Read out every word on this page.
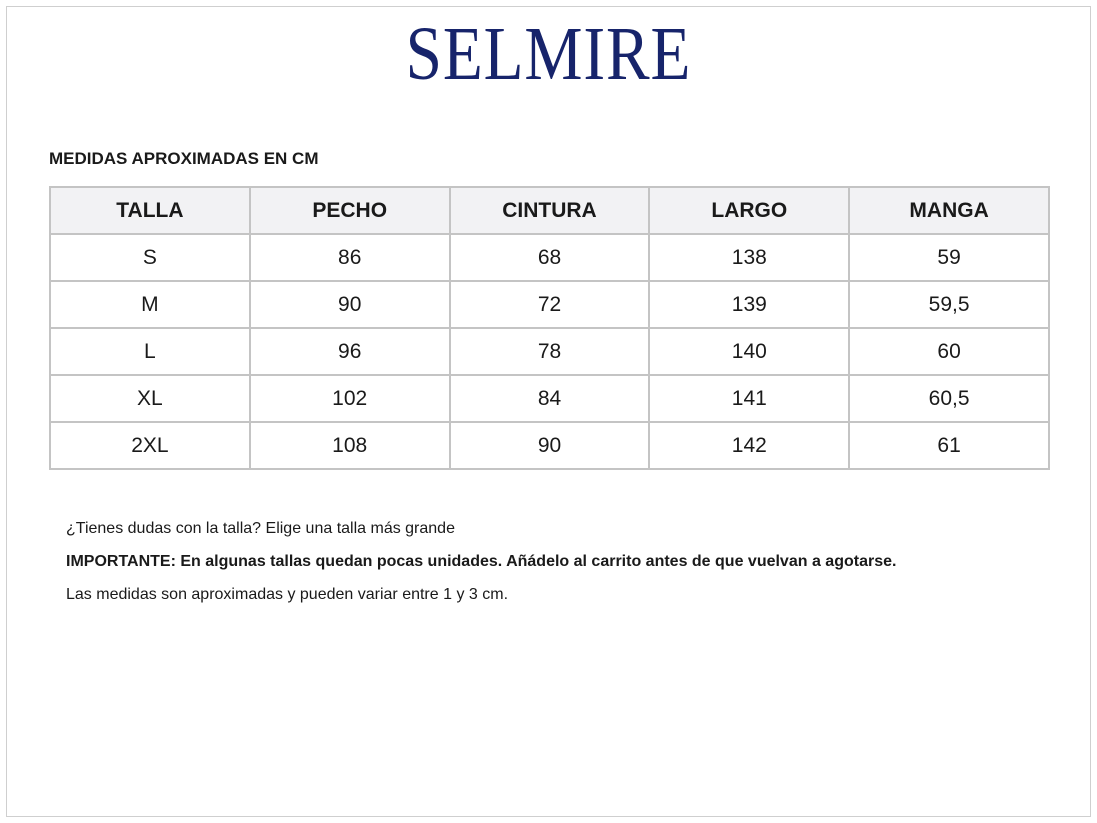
SELMIRE
MEDIDAS APROXIMADAS EN CM
TALLA	PECHO	CINTURA	LARGO	MANGA
S	86	68	138	59
M	90	72	139	59,5
L	96	78	140	60
XL	102	84	141	60,5
2XL	108	90	142	61

¿Tienes dudas con la talla? Elige una talla más grande

IMPORTANTE: En algunas tallas quedan pocas unidades. Añádelo al carrito antes de que vuelvan a agotarse.

Las medidas son aproximadas y pueden variar entre 1 y 3 cm.
